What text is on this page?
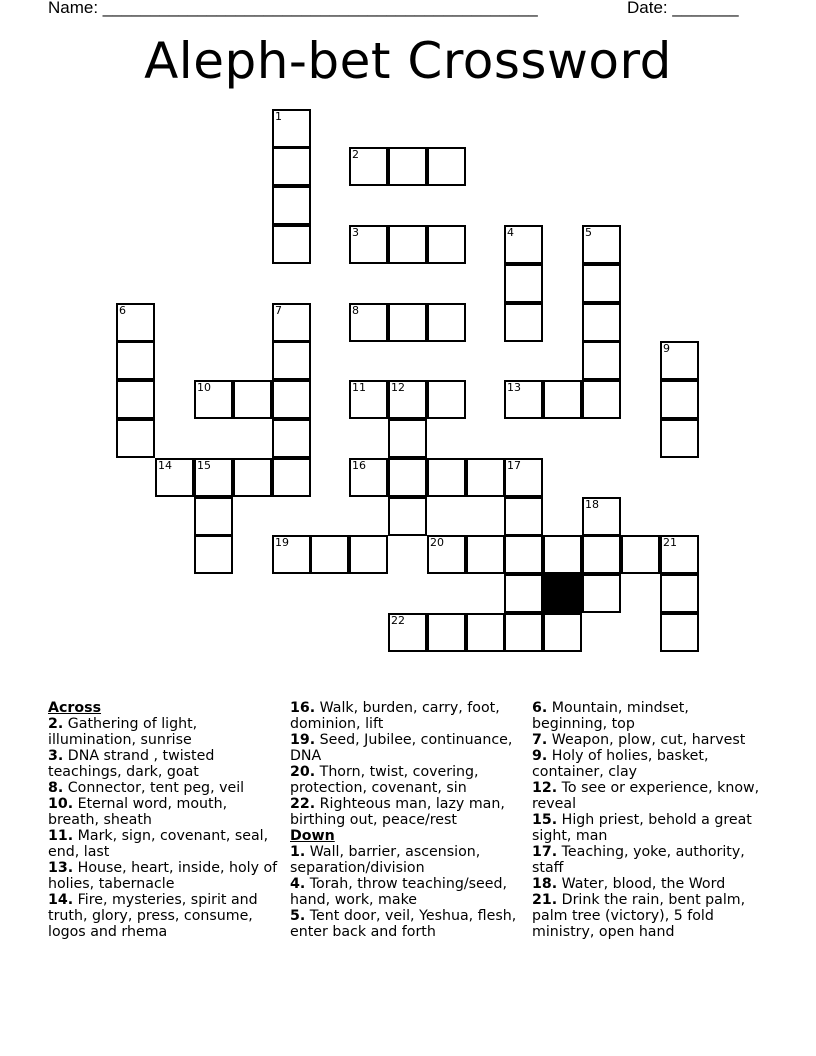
Name: ______________________________________________	Date: _______
Aleph-bet Crossword
1
2
3	4	5
6	7	8
9
10	11 12	13
14 15	16	17
18
19	20	21
22
Across
2. Gathering of light, illumination, sunrise
3. DNA strand , twisted teachings, dark, goat
8. Connector, tent peg, veil
10. Eternal word, mouth, breath, sheath
11. Mark, sign, covenant, seal, end, last
13. House, heart, inside, holy of holies, tabernacle
14. Fire, mysteries, spirit and truth, glory, press, consume, logos and rhema
16. Walk, burden, carry, foot, dominion, lift
19. Seed, Jubilee, continuance, DNA
20. Thorn, twist, covering, protection, covenant, sin
22. Righteous man, lazy man, birthing out, peace/rest
Down
1. Wall, barrier, ascension, separation/division
4. Torah, throw teaching/seed, hand, work, make
5. Tent door, veil, Yeshua, flesh, enter back and forth
6. Mountain, mindset, beginning, top
7. Weapon, plow, cut, harvest
9. Holy of holies, basket, container, clay
12. To see or experience, know, reveal
15. High priest, behold a great sight, man
17. Teaching, yoke, authority, staff
18. Water, blood, the Word
21. Drink the rain, bent palm, palm tree (victory), 5 fold ministry, open hand
